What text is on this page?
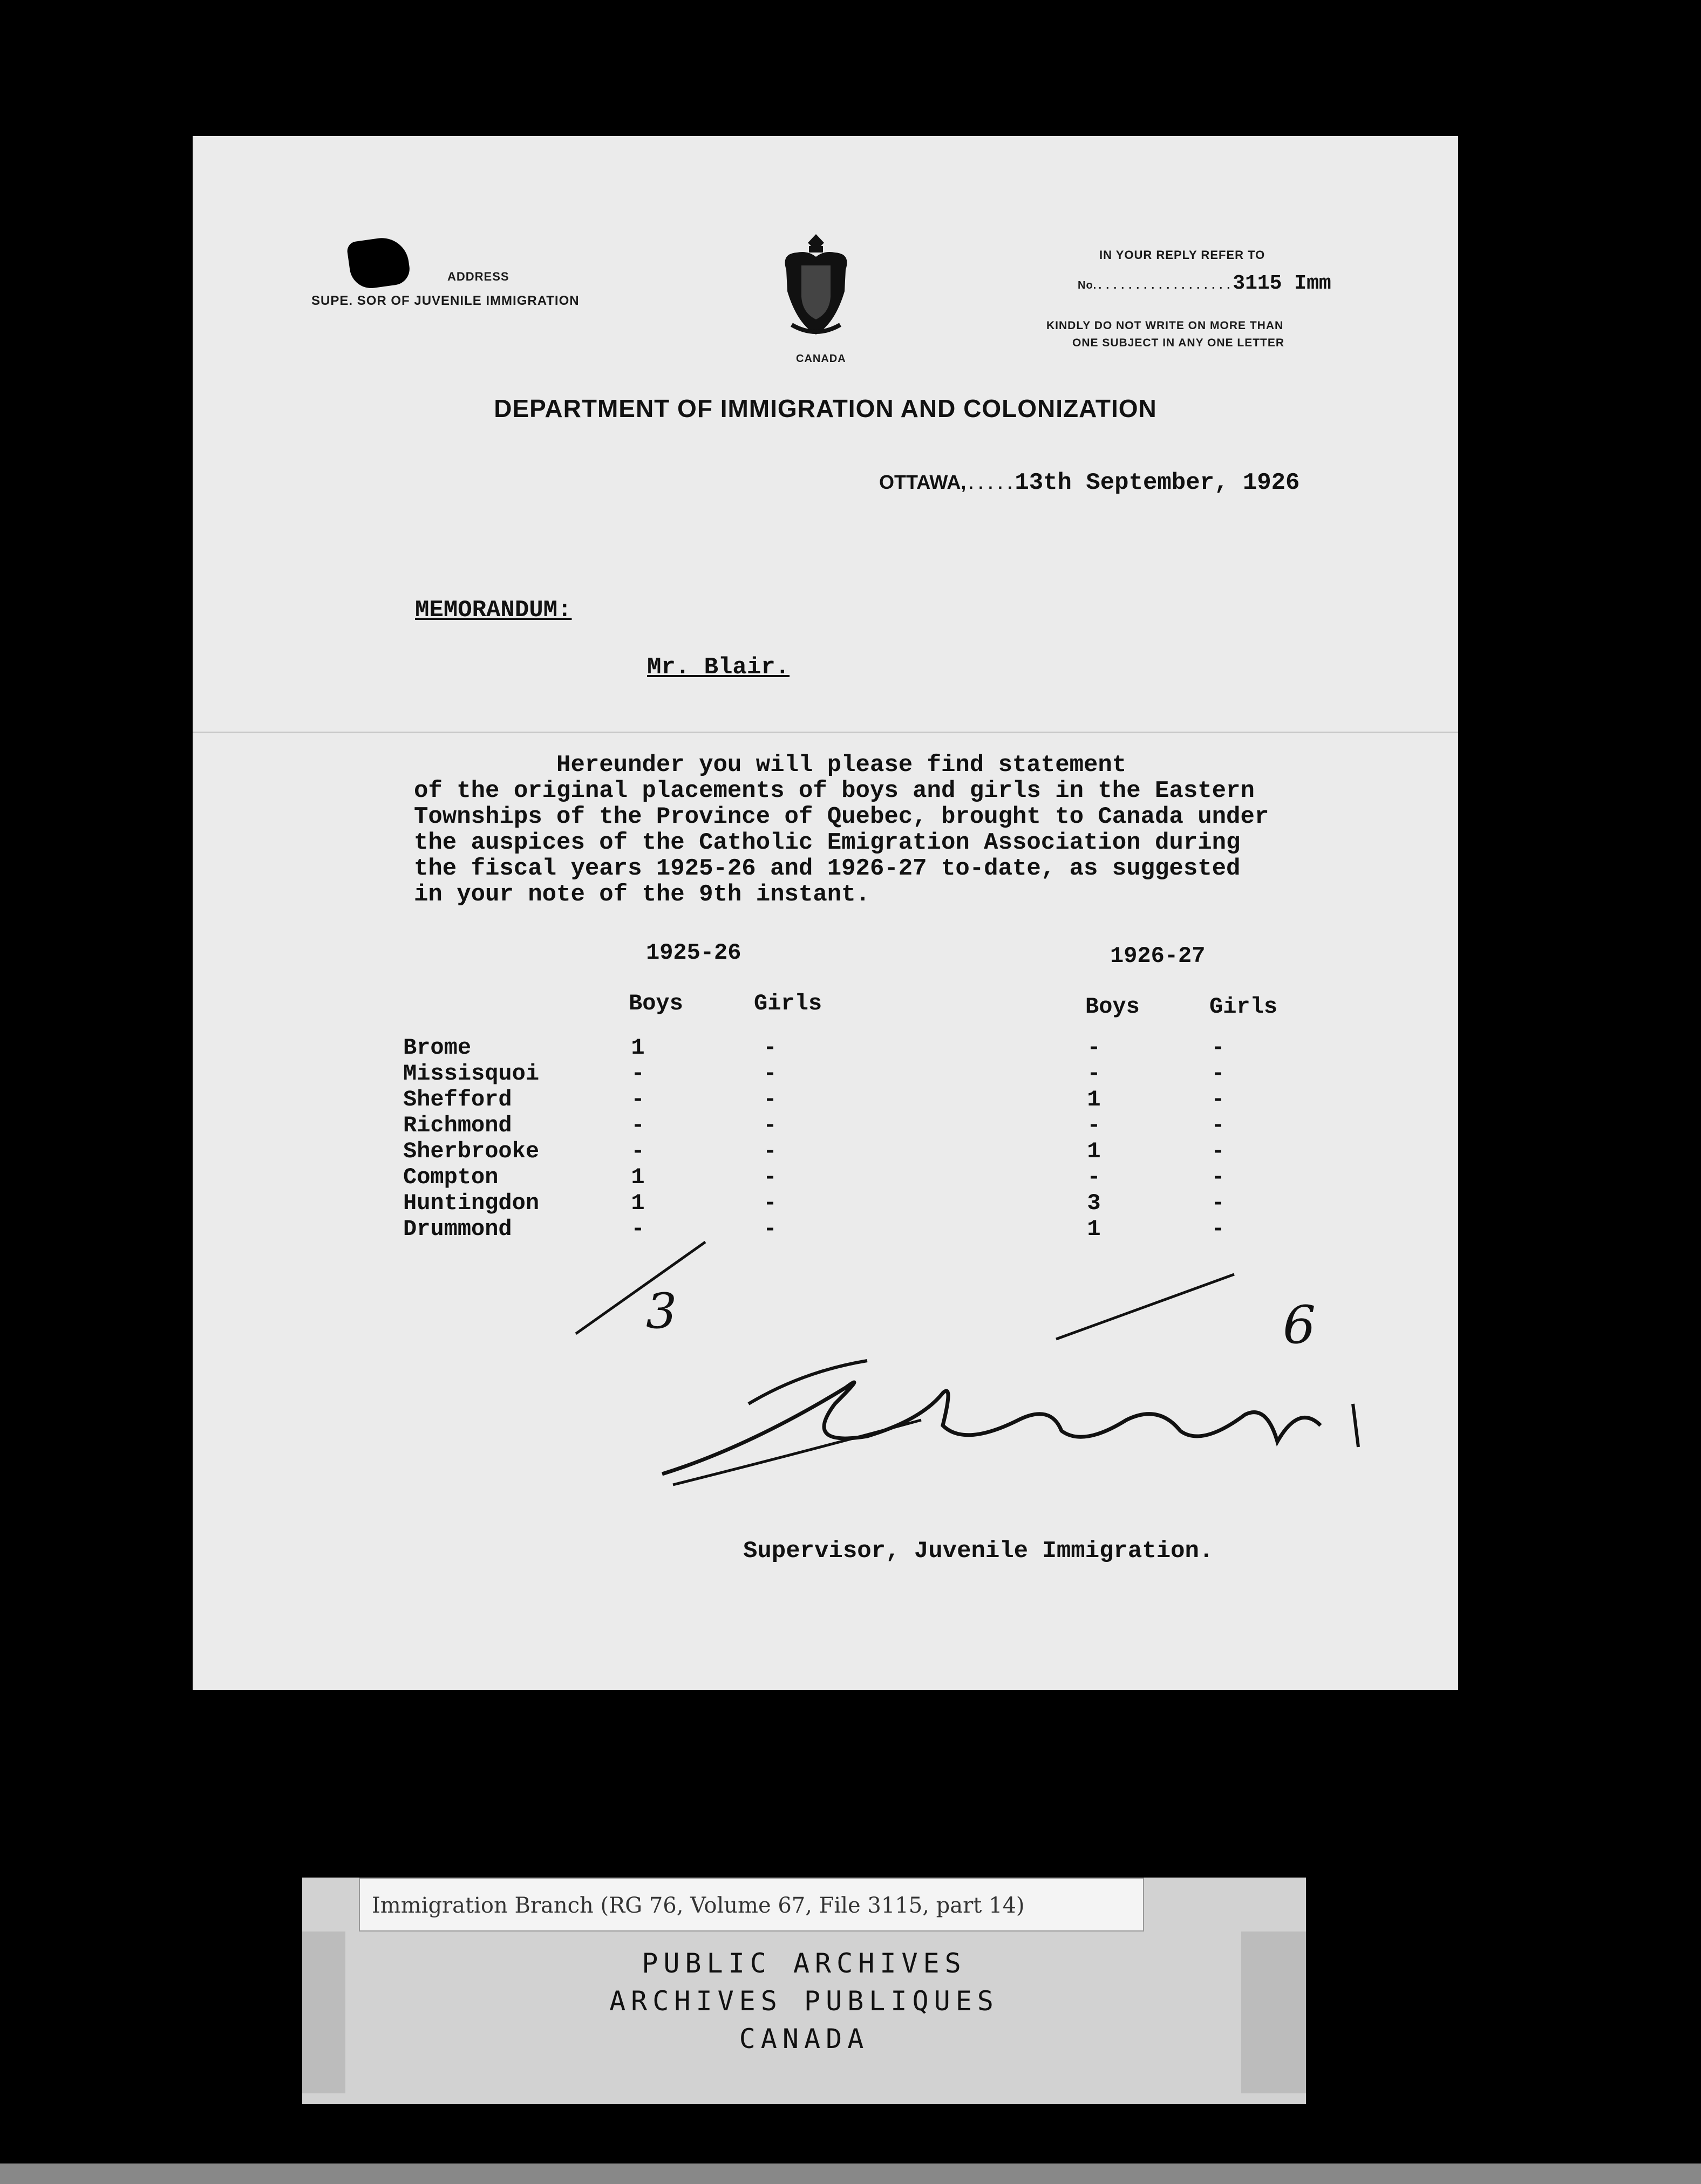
ADDRESS
SUPE. SOR OF JUVENILE IMMIGRATION
CANADA
IN YOUR REPLY REFER TO
No...................3115 Imm
KINDLY DO NOT WRITE ON MORE THAN
ONE SUBJECT IN ANY ONE LETTER
DEPARTMENT OF IMMIGRATION AND COLONIZATION
OTTAWA,.....13th September, 1926
MEMORANDUM:
Mr. Blair.
Hereunder you will please find statement
of the original placements of boys and girls in the Eastern
Townships of the Province of Quebec, brought to Canada under
the auspices of the Catholic Emigration Association during
the fiscal years 1925-26 and 1926-27 to-date, as suggested
in your note of the 9th instant.
1925-26	1926-27
Boys	Girls	Boys	Girls
Brome	1	-	-	-
Missisquoi	-	-	-	-
Shefford	-	-	1	-
Richmond	-	-	-	-
Sherbrooke	-	-	1	-
Compton	1	-	-	-
Huntingdon	1	-	3	-
Drummond	-	-	1	-
3	6
Supervisor, Juvenile Immigration.
Immigration Branch (RG 76, Volume 67, File 3115, part 14)
PUBLIC ARCHIVES
ARCHIVES PUBLIQUES
CANADA
